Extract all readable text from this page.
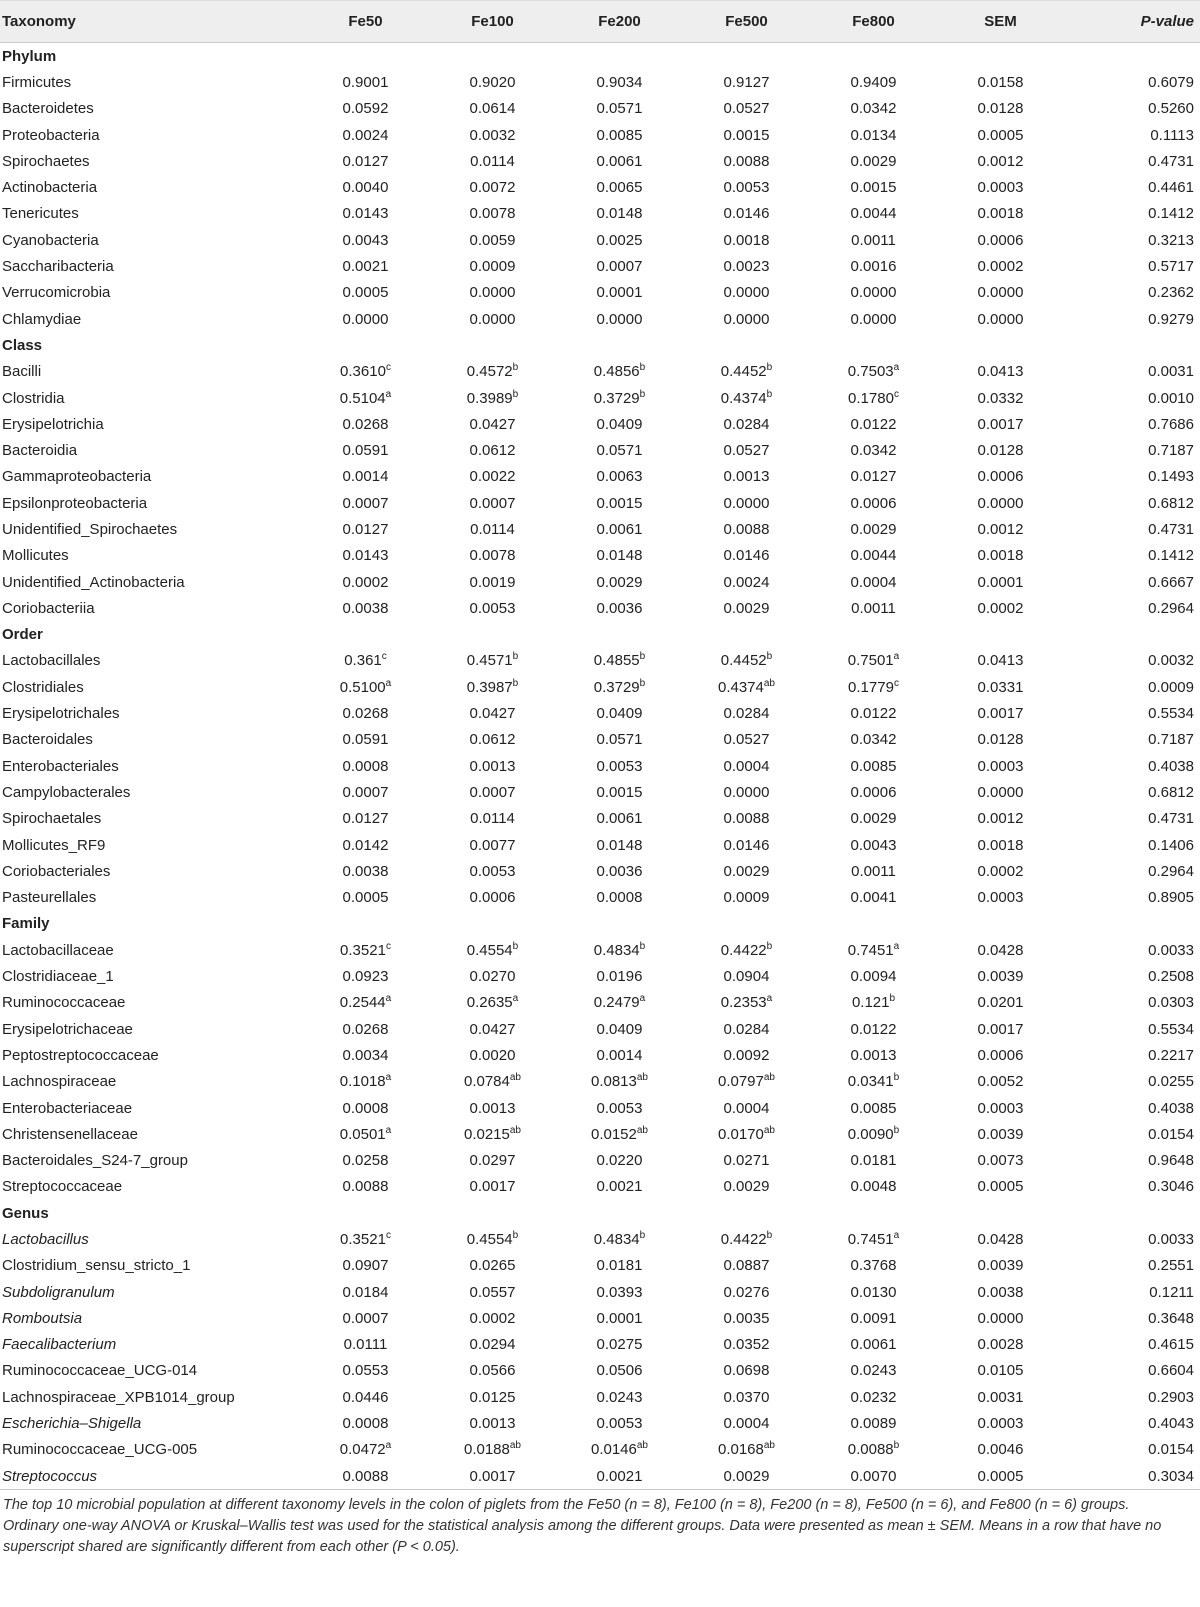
Taxonomy	Fe50	Fe100	Fe200	Fe500	Fe800	SEM	P-value
Phylum							
Firmicutes	0.9001	0.9020	0.9034	0.9127	0.9409	0.0158	0.6079
Bacteroidetes	0.0592	0.0614	0.0571	0.0527	0.0342	0.0128	0.5260
Proteobacteria	0.0024	0.0032	0.0085	0.0015	0.0134	0.0005	0.1113
Spirochaetes	0.0127	0.0114	0.0061	0.0088	0.0029	0.0012	0.4731
Actinobacteria	0.0040	0.0072	0.0065	0.0053	0.0015	0.0003	0.4461
Tenericutes	0.0143	0.0078	0.0148	0.0146	0.0044	0.0018	0.1412
Cyanobacteria	0.0043	0.0059	0.0025	0.0018	0.0011	0.0006	0.3213
Saccharibacteria	0.0021	0.0009	0.0007	0.0023	0.0016	0.0002	0.5717
Verrucomicrobia	0.0005	0.0000	0.0001	0.0000	0.0000	0.0000	0.2362
Chlamydiae	0.0000	0.0000	0.0000	0.0000	0.0000	0.0000	0.9279
Class							
Bacilli	0.3610$^c$	0.4572$^b$	0.4856$^b$	0.4452$^b$	0.7503$^a$	0.0413	0.0031
Clostridia	0.5104$^a$	0.3989$^b$	0.3729$^b$	0.4374$^b$	0.1780$^c$	0.0332	0.0010
Erysipelotrichia	0.0268	0.0427	0.0409	0.0284	0.0122	0.0017	0.7686
Bacteroidia	0.0591	0.0612	0.0571	0.0527	0.0342	0.0128	0.7187
Gammaproteobacteria	0.0014	0.0022	0.0063	0.0013	0.0127	0.0006	0.1493
Epsilonproteobacteria	0.0007	0.0007	0.0015	0.0000	0.0006	0.0000	0.6812
Unidentified_Spirochaetes	0.0127	0.0114	0.0061	0.0088	0.0029	0.0012	0.4731
Mollicutes	0.0143	0.0078	0.0148	0.0146	0.0044	0.0018	0.1412
Unidentified_Actinobacteria	0.0002	0.0019	0.0029	0.0024	0.0004	0.0001	0.6667
Coriobacteriia	0.0038	0.0053	0.0036	0.0029	0.0011	0.0002	0.2964
Order							
Lactobacillales	0.361$^c$	0.4571$^b$	0.4855$^b$	0.4452$^b$	0.7501$^a$	0.0413	0.0032
Clostridiales	0.5100$^a$	0.3987$^b$	0.3729$^b$	0.4374$^{ab}$	0.1779$^c$	0.0331	0.0009
Erysipelotrichales	0.0268	0.0427	0.0409	0.0284	0.0122	0.0017	0.5534
Bacteroidales	0.0591	0.0612	0.0571	0.0527	0.0342	0.0128	0.7187
Enterobacteriales	0.0008	0.0013	0.0053	0.0004	0.0085	0.0003	0.4038
Campylobacterales	0.0007	0.0007	0.0015	0.0000	0.0006	0.0000	0.6812
Spirochaetales	0.0127	0.0114	0.0061	0.0088	0.0029	0.0012	0.4731
Mollicutes_RF9	0.0142	0.0077	0.0148	0.0146	0.0043	0.0018	0.1406
Coriobacteriales	0.0038	0.0053	0.0036	0.0029	0.0011	0.0002	0.2964
Pasteurellales	0.0005	0.0006	0.0008	0.0009	0.0041	0.0003	0.8905
Family							
Lactobacillaceae	0.3521$^c$	0.4554$^b$	0.4834$^b$	0.4422$^b$	0.7451$^a$	0.0428	0.0033
Clostridiaceae_1	0.0923	0.0270	0.0196	0.0904	0.0094	0.0039	0.2508
Ruminococcaceae	0.2544$^a$	0.2635$^a$	0.2479$^a$	0.2353$^a$	0.121$^b$	0.0201	0.0303
Erysipelotrichaceae	0.0268	0.0427	0.0409	0.0284	0.0122	0.0017	0.5534
Peptostreptococcaceae	0.0034	0.0020	0.0014	0.0092	0.0013	0.0006	0.2217
Lachnospiraceae	0.1018$^a$	0.0784$^{ab}$	0.0813$^{ab}$	0.0797$^{ab}$	0.0341$^b$	0.0052	0.0255
Enterobacteriaceae	0.0008	0.0013	0.0053	0.0004	0.0085	0.0003	0.4038
Christensenellaceae	0.0501$^a$	0.0215$^{ab}$	0.0152$^{ab}$	0.0170$^{ab}$	0.0090$^b$	0.0039	0.0154
Bacteroidales_S24-7_group	0.0258	0.0297	0.0220	0.0271	0.0181	0.0073	0.9648
Streptococcaceae	0.0088	0.0017	0.0021	0.0029	0.0048	0.0005	0.3046
Genus							
Lactobacillus	0.3521$^c$	0.4554$^b$	0.4834$^b$	0.4422$^b$	0.7451$^a$	0.0428	0.0033
Clostridium_sensu_stricto_1	0.0907	0.0265	0.0181	0.0887	0.3768	0.0039	0.2551
Subdoligranulum	0.0184	0.0557	0.0393	0.0276	0.0130	0.0038	0.1211
Romboutsia	0.0007	0.0002	0.0001	0.0035	0.0091	0.0000	0.3648
Faecalibacterium	0.0111	0.0294	0.0275	0.0352	0.0061	0.0028	0.4615
Ruminococcaceae_UCG-014	0.0553	0.0566	0.0506	0.0698	0.0243	0.0105	0.6604
Lachnospiraceae_XPB1014_group	0.0446	0.0125	0.0243	0.0370	0.0232	0.0031	0.2903
Escherichia–Shigella	0.0008	0.0013	0.0053	0.0004	0.0089	0.0003	0.4043
Ruminococcaceae_UCG-005	0.0472$^a$	0.0188$^{ab}$	0.0146$^{ab}$	0.0168$^{ab}$	0.0088$^b$	0.0046	0.0154
Streptococcus	0.0088	0.0017	0.0021	0.0029	0.0070	0.0005	0.3034
The top 10 microbial population at different taxonomy levels in the colon of piglets from the Fe50 (n = 8), Fe100 (n = 8), Fe200 (n = 8), Fe500 (n = 6), and Fe800 (n = 6) groups. Ordinary one-way ANOVA or Kruskal–Wallis test was used for the statistical analysis among the different groups. Data were presented as mean ± SEM. Means in a row that have no superscript shared are significantly different from each other (P < 0.05).
